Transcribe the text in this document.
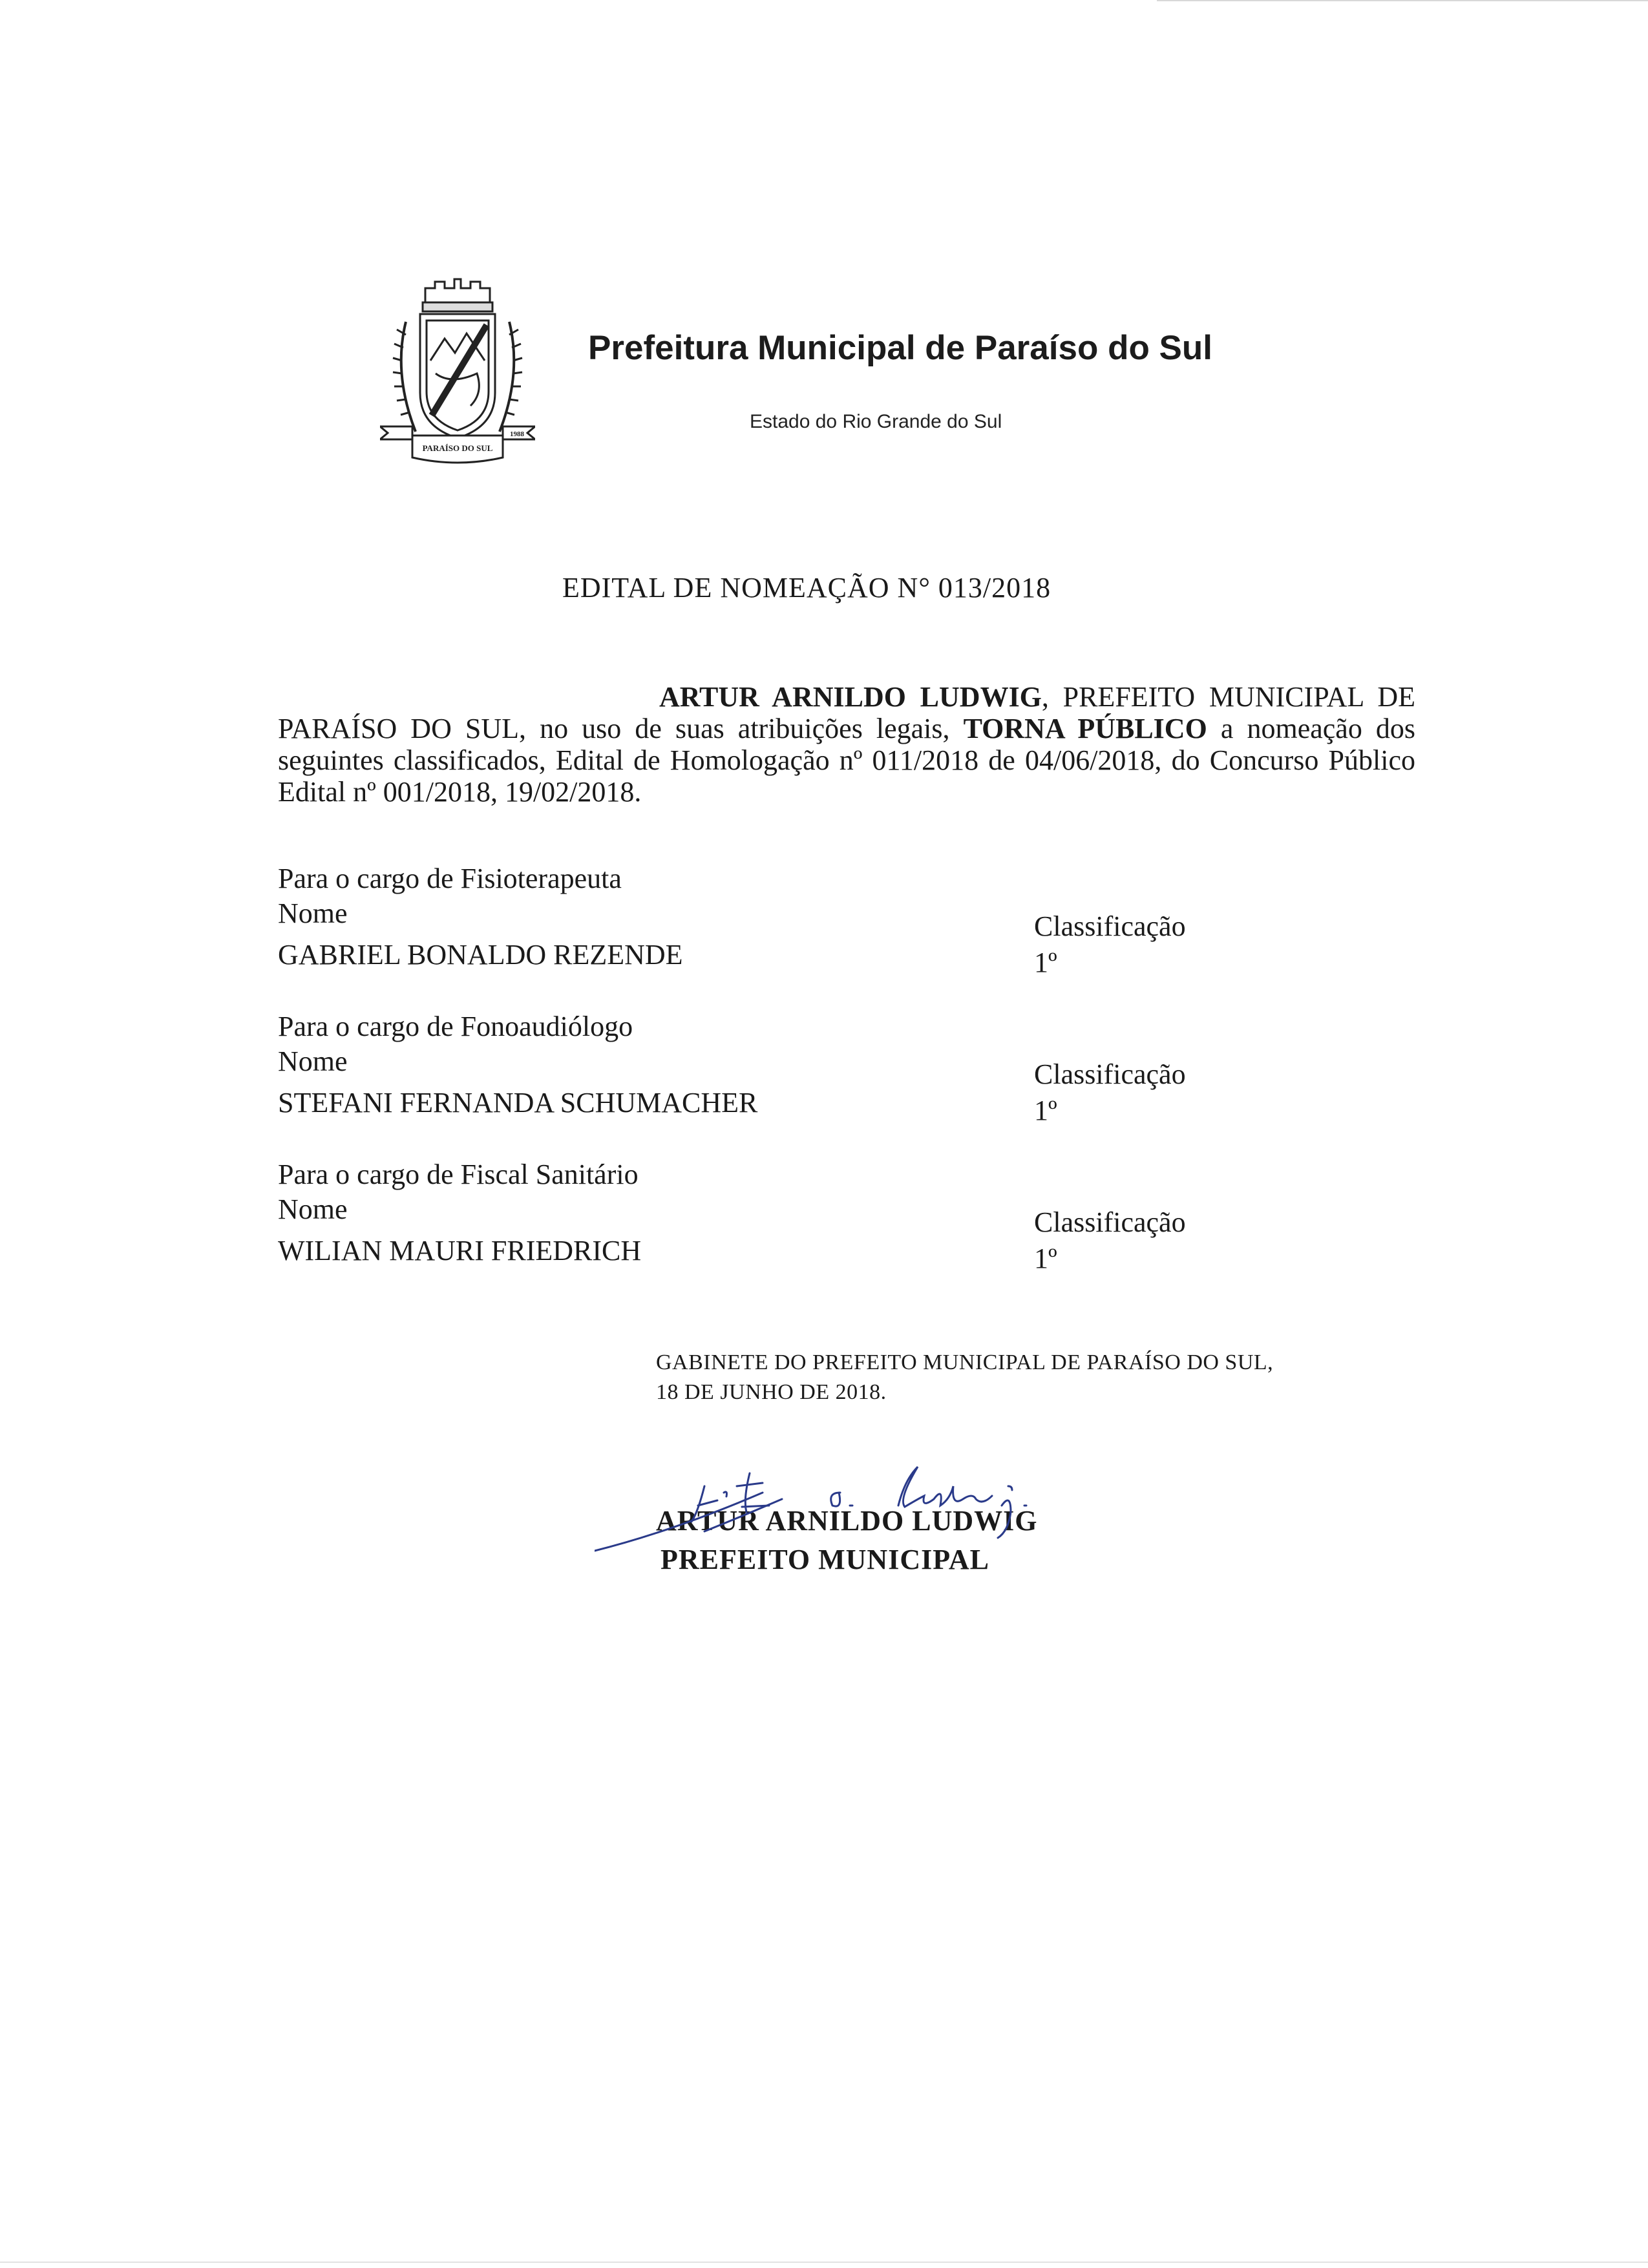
PARAÍSO DO SUL
1988
Prefeitura Municipal de Paraíso do Sul
Estado do Rio Grande do Sul
EDITAL DE NOMEAÇÃO N° 013/2018
ARTUR ARNILDO LUDWIG, PREFEITO MUNICIPAL DE PARAÍSO DO SUL, no uso de suas atribuições legais, TORNA PÚBLICO a nomeação dos seguintes classificados, Edital de Homologação nº 011/2018 de 04/06/2018, do Concurso Público Edital nº 001/2018, 19/02/2018.
Para o cargo de Fisioterapeuta
Nome
GABRIEL BONALDO REZENDE
Classificação
1º
Para o cargo de Fonoaudiólogo
Nome
STEFANI FERNANDA SCHUMACHER
Classificação
1º
Para o cargo de Fiscal Sanitário
Nome
WILIAN MAURI FRIEDRICH
Classificação
1º
GABINETE DO PREFEITO MUNICIPAL DE PARAÍSO DO SUL,
18 DE JUNHO DE 2018.
ARTUR ARNILDO LUDWIG
PREFEITO MUNICIPAL
